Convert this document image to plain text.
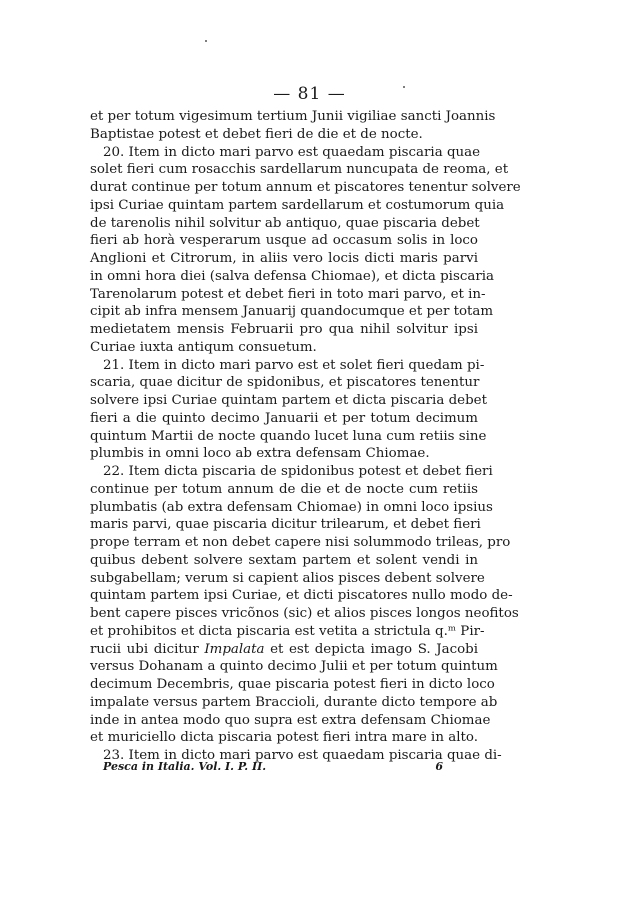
— 81 —
et per totum vigesimum tertium Junii vigiliae sancti Joannis
Baptistae potest et debet fieri de die et de nocte.
20. Item in dicto mari parvo est quaedam piscaria quae
solet fieri cum rosacchis sardellarum nuncupata de reoma, et
durat continue per totum annum et piscatores tenentur solvere
ipsi Curiae quintam partem sardellarum et costumorum quia
de tarenolis nihil solvitur ab antiquo, quae piscaria debet
fieri ab horà vesperarum usque ad occasum solis in loco
Anglioni et Citrorum, in aliis vero locis dicti maris parvi
in omni hora diei (salva defensa Chiomae), et dicta piscaria
Tarenolarum potest et debet fieri in toto mari parvo, et in-
cipit ab infra mensem Januarij quandocumque et per totam
medietatem mensis Februarii pro qua nihil solvitur ipsi
Curiae iuxta antiqum consuetum.
21. Item in dicto mari parvo est et solet fieri quedam pi-
scaria, quae dicitur de spidonibus, et piscatores tenentur
solvere ipsi Curiae quintam partem et dicta piscaria debet
fieri a die quinto decimo Januarii et per totum decimum
quintum Martii de nocte quando lucet luna cum retiis sine
plumbis in omni loco ab extra defensam Chiomae.
22. Item dicta piscaria de spidonibus potest et debet fieri
continue per totum annum de die et de nocte cum retiis
plumbatis (ab extra defensam Chiomae) in omni loco ipsius
maris parvi, quae piscaria dicitur trilearum, et debet fieri
prope terram et non debet capere nisi solummodo trileas, pro
quibus debent solvere sextam partem et solent vendi in
subgabellam; verum si capient alios pisces debent solvere
quintam partem ipsi Curiae, et dicti piscatores nullo modo de-
bent capere pisces vricõnos (sic) et alios pisces longos neofitos
et prohibitos et dicta piscaria est vetita a strictula q.ᵐ Pir-
rucii ubi dicitur Impalata et est depicta imago S. Jacobi
versus Dohanam a quinto decimo Julii et per totum quintum
decimum Decembris, quae piscaria potest fieri in dicto loco
impalate versus partem Braccioli, durante dicto tempore ab
inde in antea modo quo supra est extra defensam Chiomae
et muriciello dicta piscaria potest fieri intra mare in alto.
23. Item in dicto mari parvo est quaedam piscaria quae di-
Pesca in Italia. Vol. I. P. II.	6
